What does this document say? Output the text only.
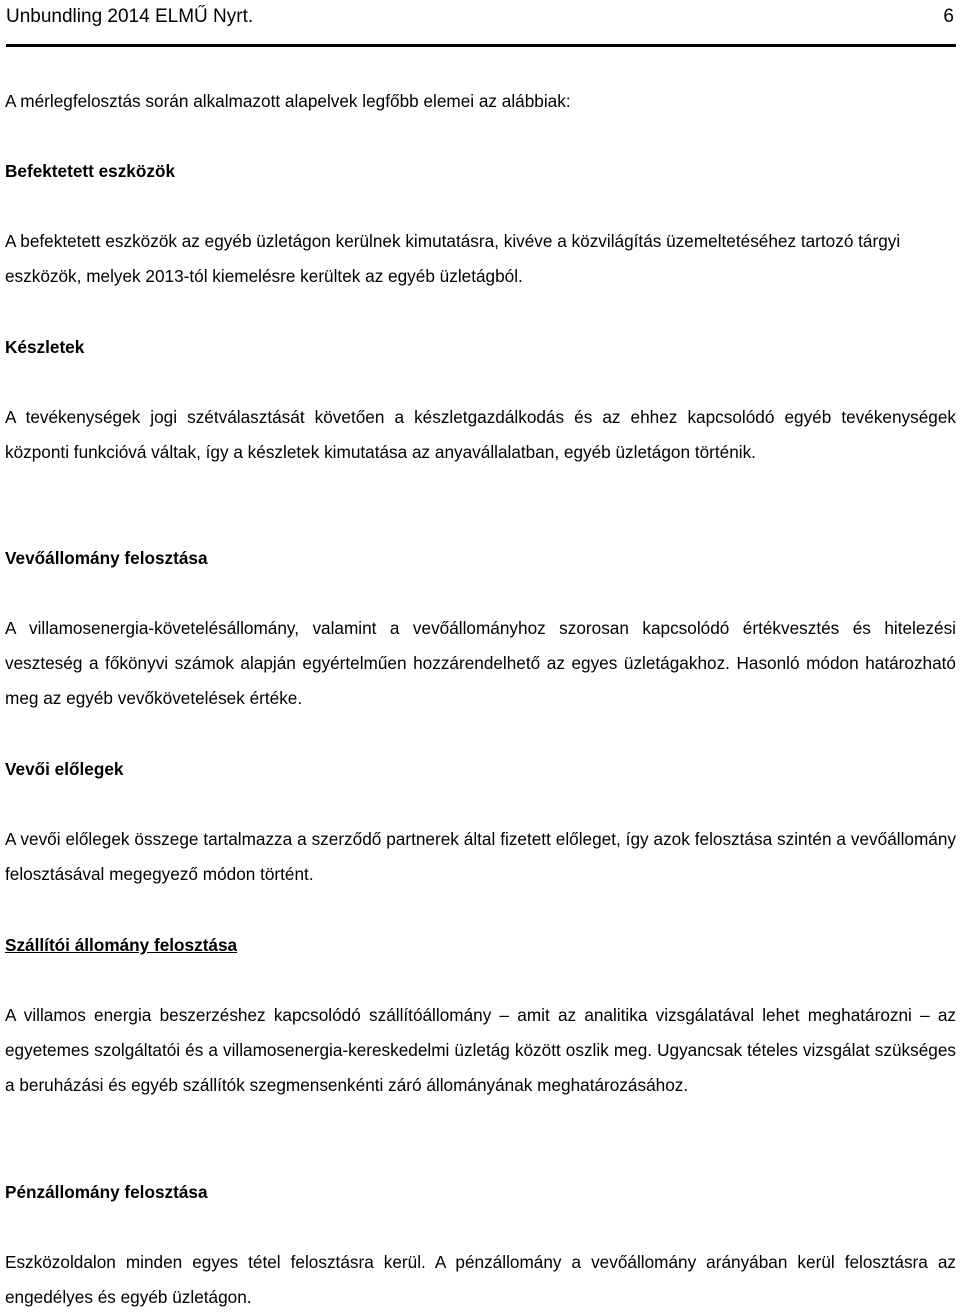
Unbundling 2014 ELMŰ Nyrt.	6
A mérlegfelosztás során alkalmazott alapelvek legfőbb elemei az alábbiak:
Befektetett eszközök
A befektetett eszközök az egyéb üzletágon kerülnek kimutatásra, kivéve a közvilágítás üzemeltetéséhez tartozó tárgyi eszközök, melyek 2013-tól kiemelésre kerültek az egyéb üzletágból.
Készletek
A tevékenységek jogi szétválasztását követően a készletgazdálkodás és az ehhez kapcsolódó egyéb tevékenységek központi funkcióvá váltak, így a készletek kimutatása az anyavállalatban, egyéb üzletágon történik.
Vevőállomány felosztása
A villamosenergia-követelésállomány, valamint a vevőállományhoz szorosan kapcsolódó értékvesztés és hitelezési veszteség a főkönyvi számok alapján egyértelműen hozzárendelhető az egyes üzletágakhoz. Hasonló módon határozható meg az egyéb vevőkövetelések értéke.
Vevői előlegek
A vevői előlegek összege tartalmazza a szerződő partnerek által fizetett előleget, így azok felosztása szintén a vevőállomány felosztásával megegyező módon történt.
Szállítói állomány felosztása
A villamos energia beszerzéshez kapcsolódó szállítóállomány – amit az analitika vizsgálatával lehet meghatározni – az egyetemes szolgáltatói és a villamosenergia-kereskedelmi üzletág között oszlik meg. Ugyancsak tételes vizsgálat szükséges a beruházási és egyéb szállítók szegmensenkénti záró állományának meghatározásához.
Pénzállomány felosztása
Eszközoldalon minden egyes tétel felosztásra kerül. A pénzállomány a vevőállomány arányában kerül felosztásra az engedélyes és egyéb üzletágon.
